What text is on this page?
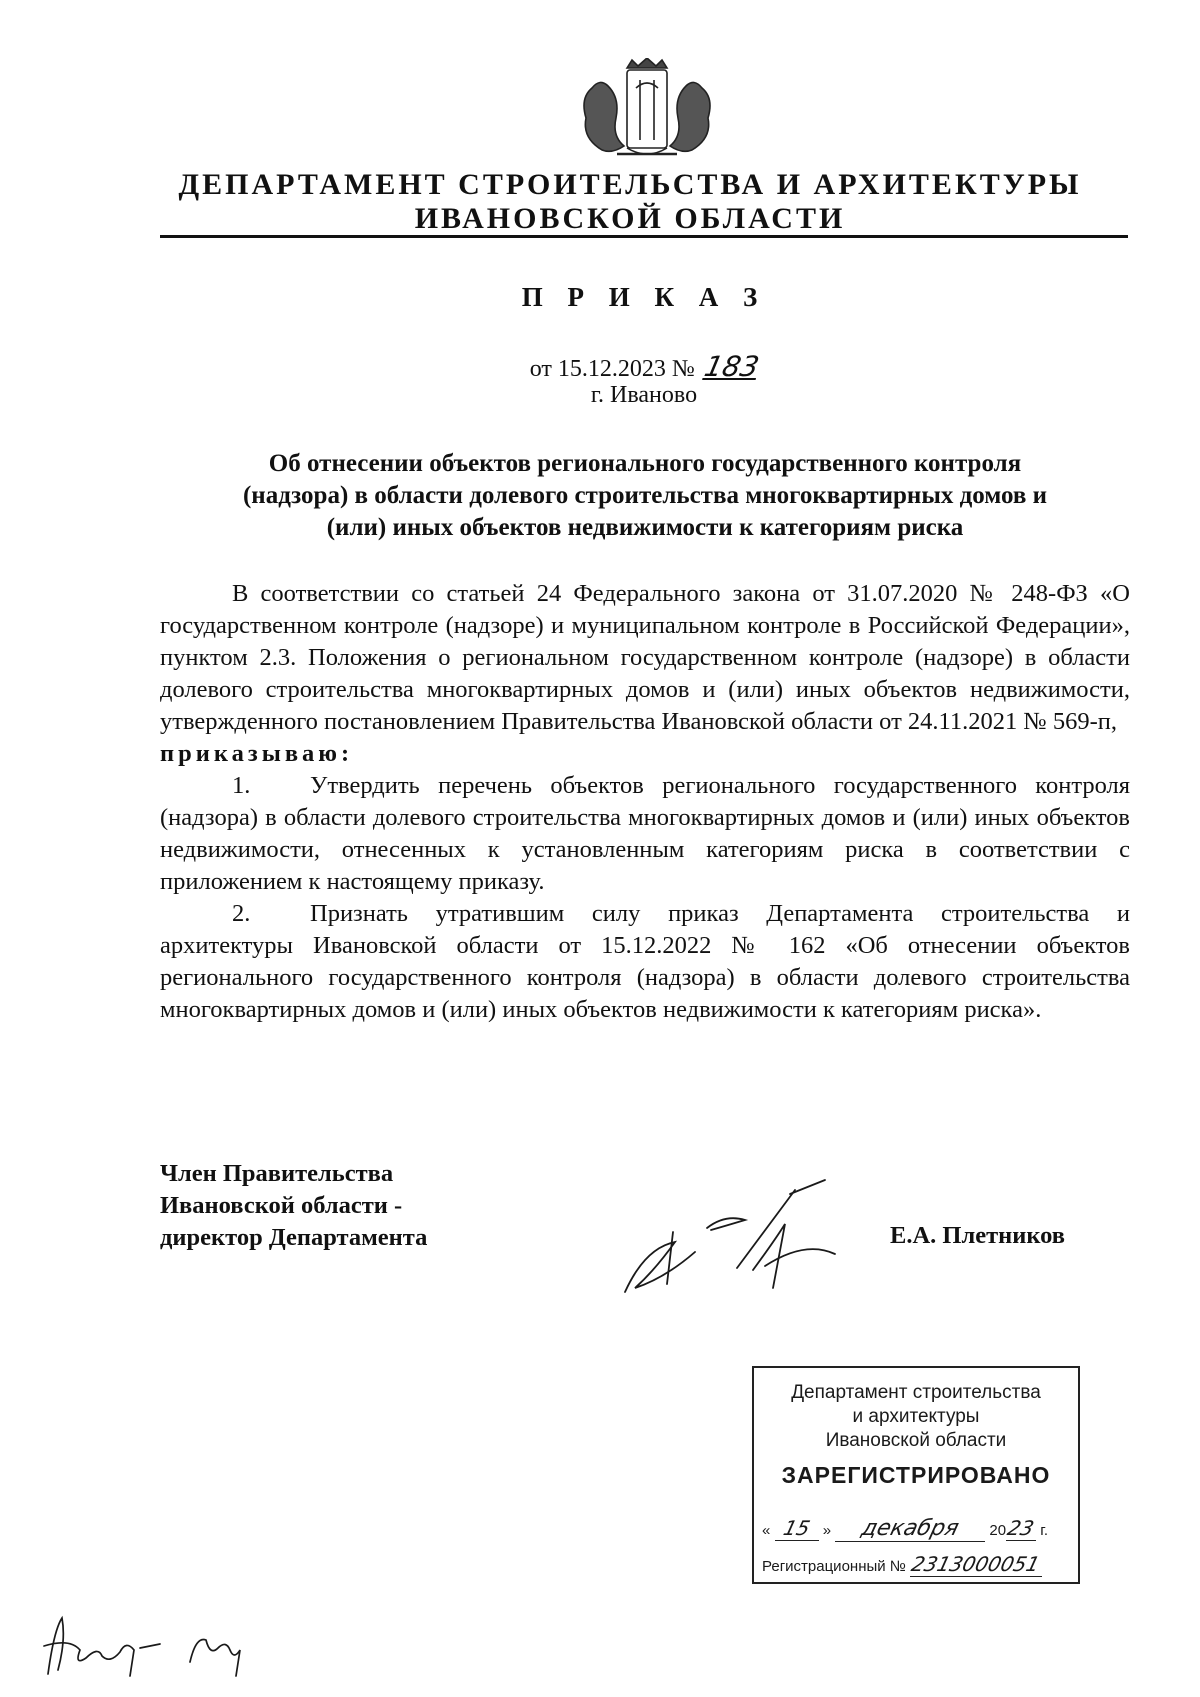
ДЕПАРТАМЕНТ СТРОИТЕЛЬСТВА И АРХИТЕКТУРЫ
ИВАНОВСКОЙ ОБЛАСТИ
П Р И К А З
от 15.12.2023 № 183
г. Иваново
Об отнесении объектов регионального государственного контроля
(надзора) в области долевого строительства многоквартирных домов и
(или) иных объектов недвижимости к категориям риска

В соответствии со статьей 24 Федерального закона от 31.07.2020 № 248-ФЗ «О государственном контроле (надзоре) и муниципальном контроле в Российской Федерации», пунктом 2.3. Положения о региональном государственном контроле (надзоре) в области долевого строительства многоквартирных домов и (или) иных объектов недвижимости, утвержденного постановлением Правительства Ивановской области от 24.11.2021 № 569-п,

приказываю:

1. Утвердить перечень объектов регионального государственного контроля (надзора) в области долевого строительства многоквартирных домов и (или) иных объектов недвижимости, отнесенных к установленным категориям риска в соответствии с приложением к настоящему приказу.

2. Признать утратившим силу приказ Департамента строительства и архитектуры Ивановской области от 15.12.2022 № 162 «Об отнесении объектов регионального государственного контроля (надзора) в области долевого строительства многоквартирных домов и (или) иных объектов недвижимости к категориям риска».

Член Правительства
Ивановской области -
директор Департамента	Е.А. Плетников
Департамент строительства
и архитектуры
Ивановской области
ЗАРЕГИСТРИРОВАНО
« 15 » декабря 2023 г.
Регистрационный № 2313000051
